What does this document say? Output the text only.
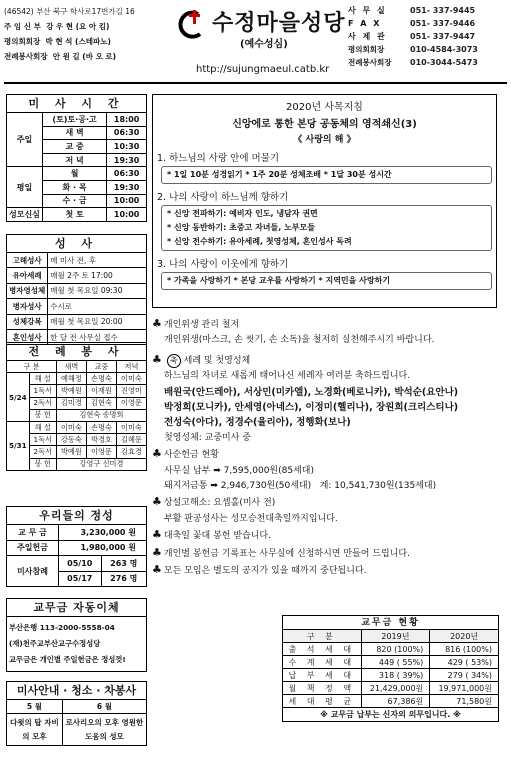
(46542) 부산 북구 학사로17번가길 16
주 임 신 부 강 우 현 (요 아 킴)
평의회회장 박 현 석 (스테파노)
전례봉사회장 안 원 길 (바 오 로)
수정마을성당
(예수성심)
http://sujungmaeul.catb.kr
사 무 실	051- 337-9445
F A X	051- 337-9446
사 제 관	051- 337-9447
평의회회장	010-4584-3073
전례봉사회장	010-3044-5473
미 사 시 간
주일	(토)토·공·고	18:00
	새 벽	06:30
	교 중	10:30
	저 녁	19:30
평일	월	06:30
	화 · 목	19:30
	수 · 금	10:00
성모신심	첫 토	10:00
성 사
고해성사	매 미사 전, 후
유아세례	매월 2주 토 17:00
병자영성체	매월 첫 목요일 09:30
병자성사	수시로
성체강복	매월 첫 목요일 20:00
혼인성사	한 달 전 사무실 접수
전 례 봉 사
구 분		새벽	교중	저녁
5/24	해 설	예해정	손명숙	이미숙
	1독서	박예원	이재원	진영미
	2독서	김미경	김현숙	이영문
	봉 헌	김현숙 송명희		
5/31	해 설	이미숙	손명숙	이미숙
	1독서	강동숙	박경호	김혜문
	2독서	박예원	이영문	김효경
	봉 헌	강영구 신미경		
우리들의 정성
교 무 금	3,230,000 원	
주일헌금	1,980,000 원	
미사참례	05/10	263 명
	05/17	276 명
교무금 자동이체
부산은행 113-2000-5558-04
(재)천주교부산교구수정성당
교무금은 개인별 주일헌금은 정성껏!
미사안내 · 청소 · 차봉사
5 월	6 월
다윗의 탑 자비의 모후	로사리오의 모후 영원한 도움의 성모
2020년 사목지침
신앙에로 통한 본당 공동체의 영적쇄신(3)
《 사랑의 해 》
1. 하느님의 사랑 안에 머물기
* 1일 10분 성경읽기 * 1주 20분 성체조배 * 1달 30분 성시간
2. 나의 사랑이 하느님께 향하기
* 신앙 전파하기: 예비자 인도, 냉담자 권면
* 신앙 동반하기: 초중고 자녀들, 노부모들
* 신앙 전수하기: 유아세례, 첫영성체, 혼인성사 독려
3. 나의 사랑이 이웃에게 향하기
* 가족을 사랑하기 * 본당 교우를 사랑하기 * 지역민을 사랑하기
♣ 개인위생 관리 철저
개인위생(마스크, 손 씻기, 손 소독)을 철저히 실천해주시기 바랍니다.
♣ 축 세례 및 첫영성체
하느님의 자녀로 새롭게 태어나신 세례자 여러분 축하드립니다.
배원국(안드레아), 서상민(미카엘), 노경화(베로니카), 박석순(요안나)
박정희(모니카), 안세영(아네스), 이정미(헬리나), 장원희(크리스티나)
전성숙(아다), 정경수(율리아), 정행화(보나)
첫영성체: 교중미사 중
♣ 사순헌금 현황
사무실 납부 ➡ 7,595,000원(85세대)
돼지저금통 ➡ 2,946,730원(50세대) 계: 10,541,730원(135세대)
♣ 상설고해소: 요셉홀(미사 전)
부활 판공성사는 성모승천대축일까지입니다.
♣ 대축일 꽃대 봉헌 받습니다.
♣ 개인별 봉헌금 기록표는 사무실에 신청하시면 만들어 드립니다.
♣ 모든 모임은 별도의 공지가 있을 때까지 중단됩니다.
교무금 현황
구 분	2019년	2020년
출 석 세 대	820 (100%)	816 (100%)
수 계 세 대	449 ( 55%)	429 ( 53%)
납 부 세 대	318 ( 39%)	279 ( 34%)
월 책 정 액	21,429,000원	19,971,000원
세 대 평 균	67,386원	71,580원
※ 교무금 납부는 신자의 의무입니다. ※
